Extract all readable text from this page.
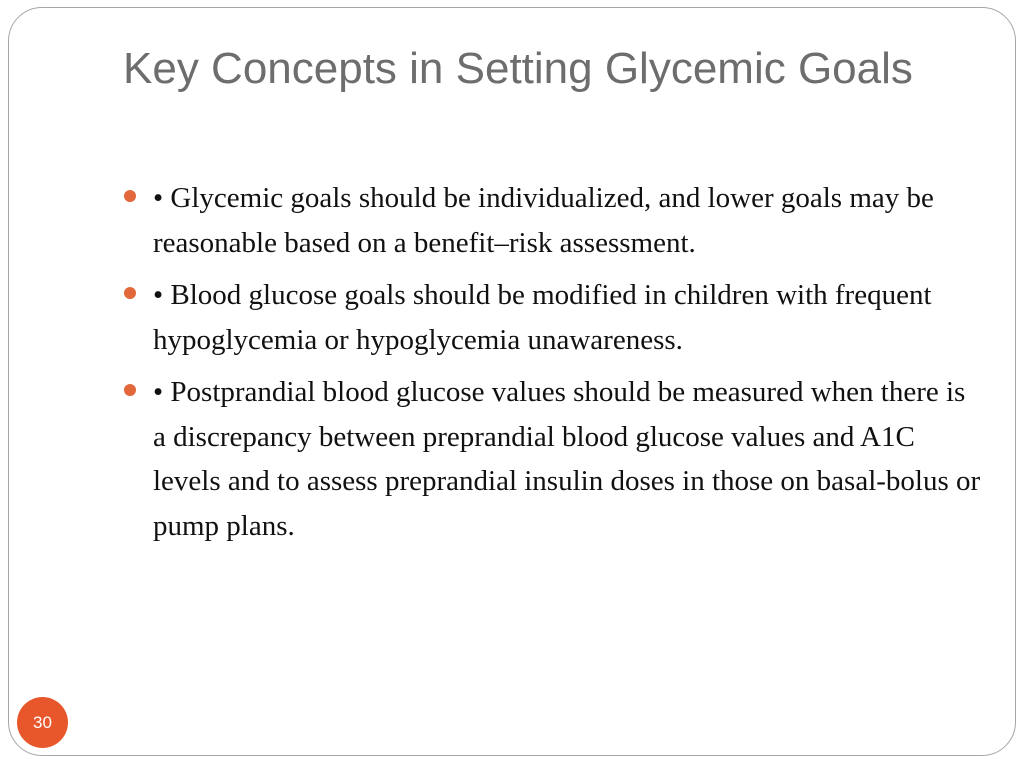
Key Concepts in Setting Glycemic Goals
• Glycemic goals should be individualized, and lower goals may be reasonable based on a benefit–risk assessment.
• Blood glucose goals should be modified in children with frequent hypoglycemia or hypoglycemia unawareness.
• Postprandial blood glucose values should be measured when there is a discrepancy between preprandial blood glucose values and A1C levels and to assess preprandial insulin doses in those on basal-bolus or pump plans.
30
